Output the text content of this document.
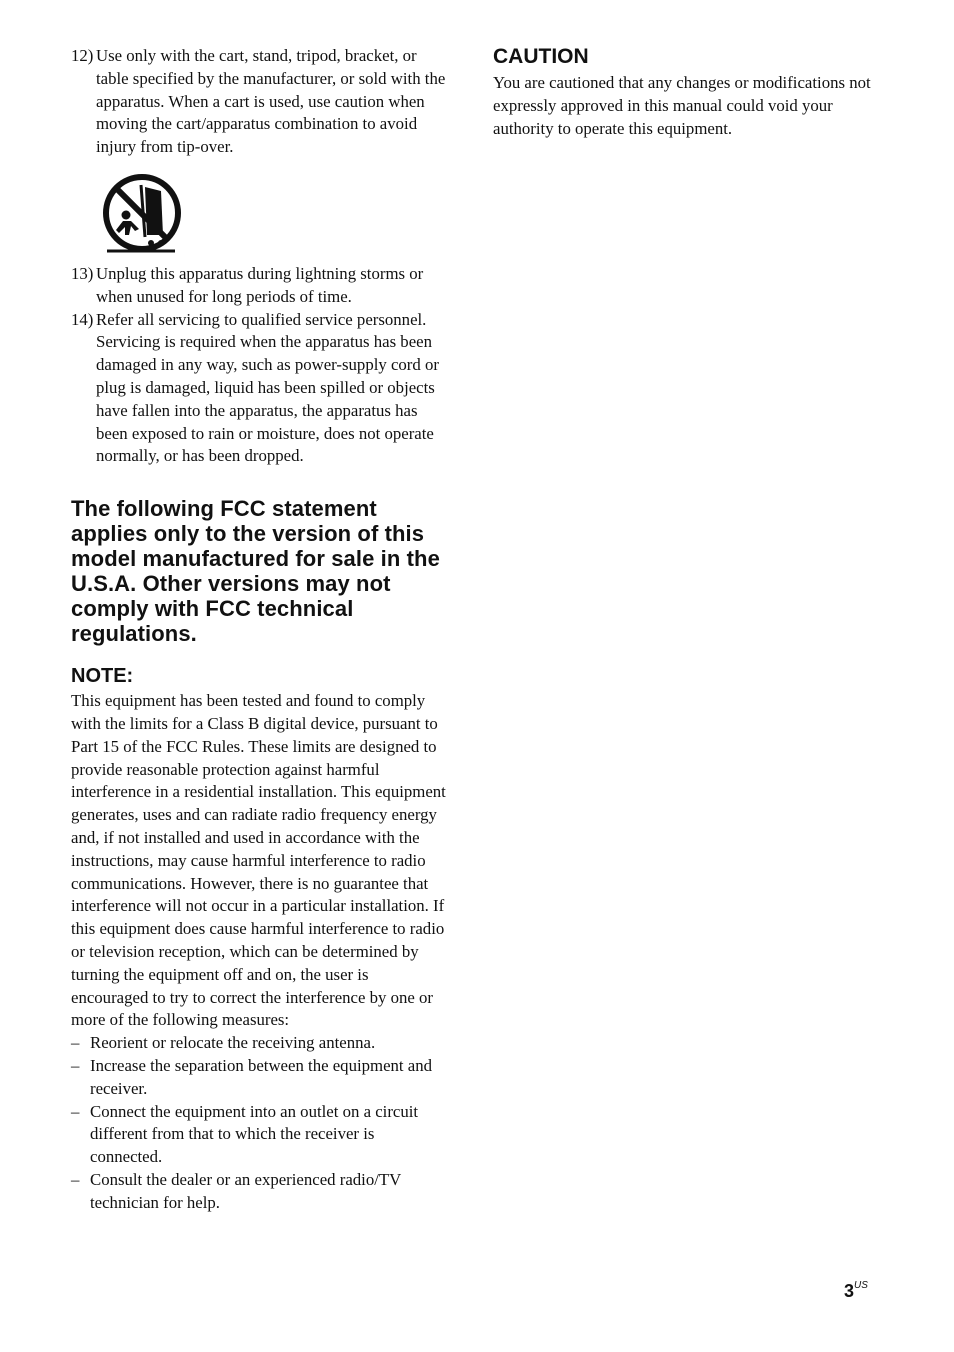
12) Use only with the cart, stand, tripod, bracket, or table specified by the manufacturer, or sold with the apparatus. When a cart is used, use caution when moving the cart/apparatus combination to avoid injury from tip-over.
13) Unplug this apparatus during lightning storms or when unused for long periods of time.
14) Refer all servicing to qualified service personnel. Servicing is required when the apparatus has been damaged in any way, such as power-supply cord or plug is damaged, liquid has been spilled or objects have fallen into the apparatus, the apparatus has been exposed to rain or moisture, does not operate normally, or has been dropped.
The following FCC statement applies only to the version of this model manufactured for sale in the U.S.A. Other versions may not comply with FCC technical regulations.
NOTE:

This equipment has been tested and found to comply with the limits for a Class B digital device, pursuant to Part 15 of the FCC Rules. These limits are designed to provide reasonable protection against harmful interference in a residential installation. This equipment generates, uses and can radiate radio frequency energy and, if not installed and used in accordance with the instructions, may cause harmful interference to radio communications. However, there is no guarantee that interference will not occur in a particular installation. If this equipment does cause harmful interference to radio or television reception, which can be determined by turning the equipment off and on, the user is encouraged to try to correct the interference by one or more of the following measures:

– Reorient or relocate the receiving antenna.
– Increase the separation between the equipment and receiver.
– Connect the equipment into an outlet on a circuit different from that to which the receiver is connected.
– Consult the dealer or an experienced radio/TV technician for help.
CAUTION

You are cautioned that any changes or modifications not expressly approved in this manual could void your authority to operate this equipment.

$3^{US}$
